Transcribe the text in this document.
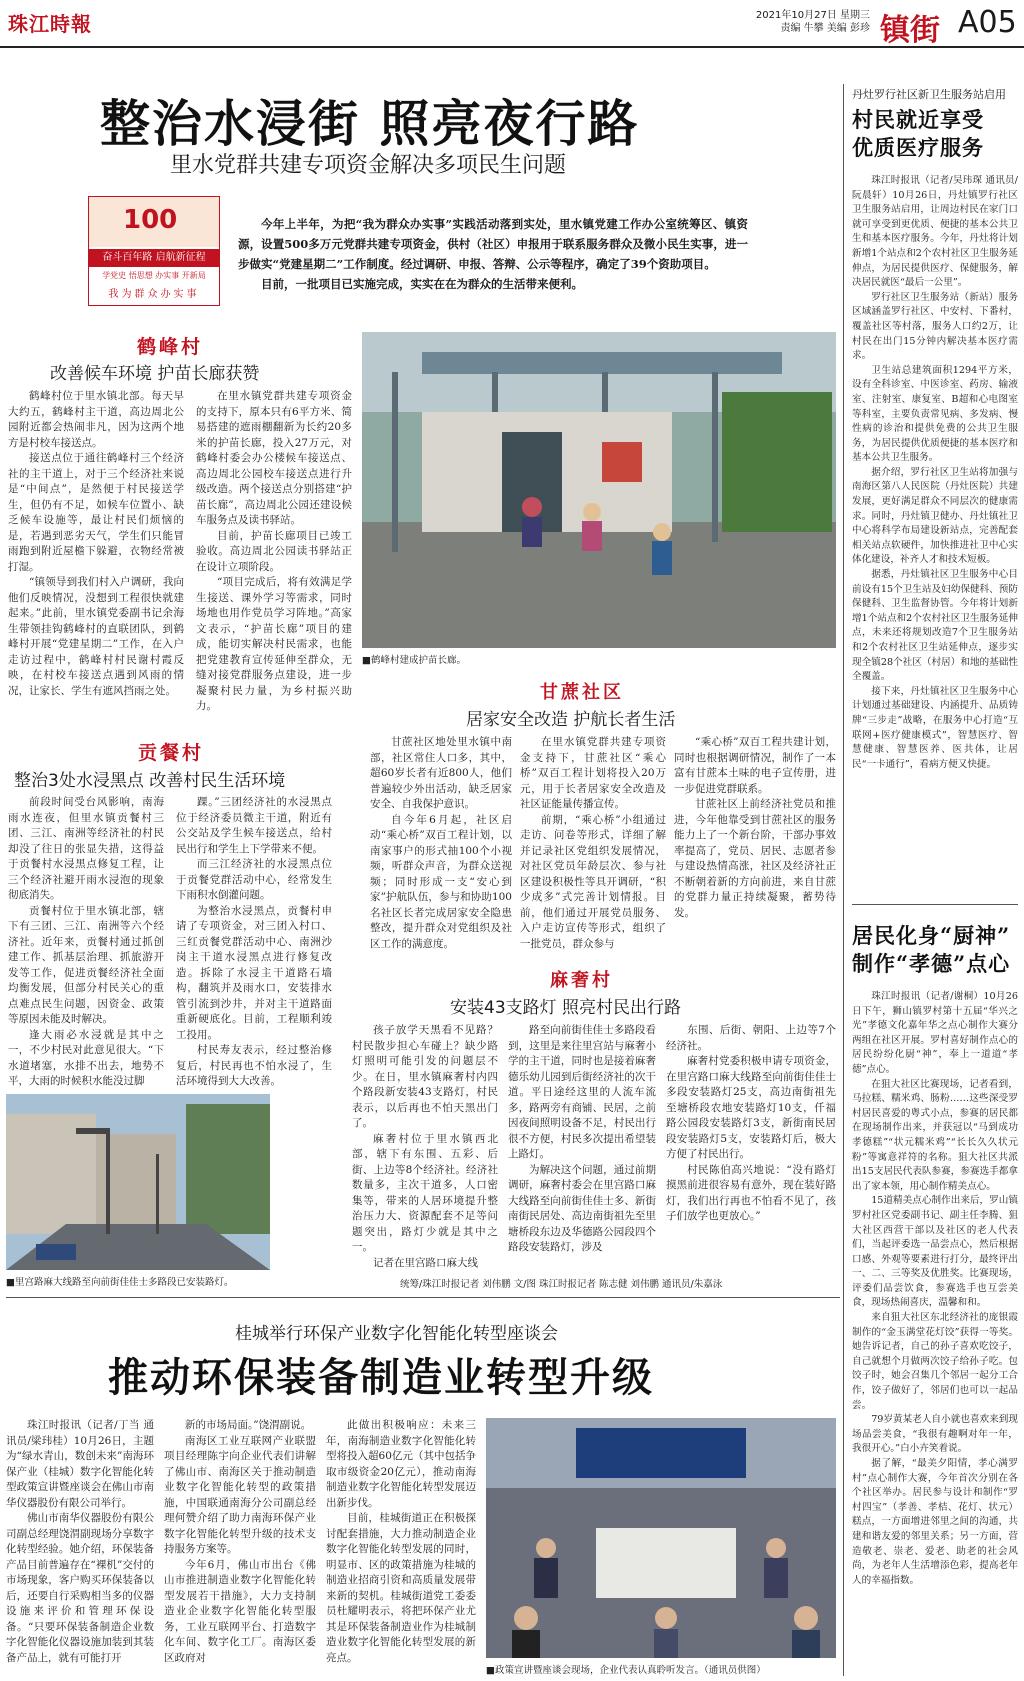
珠江時報	2021年10月27日 星期三
责编 牛攀 美编 彭珍 镇街 A05
整治水浸街 照亮夜行路
里水党群共建专项资金解决多项民生问题
100
奋斗百年路 启航新征程
学党史 悟思想 办实事 开新局
我为群众办实事

今年上半年，为把“我为群众办实事”实践活动落到实处，里水镇党建工作办公室统筹区、镇资源，设置500多万元党群共建专项资金，供村（社区）申报用于联系服务群众及微小民生实事，进一步做实“党建星期二”工作制度。经过调研、申报、答辩、公示等程序，确定了39个资助项目。

目前，一批项目已实施完成，实实在在为群众的生活带来便利。

鹤峰村
改善候车环境 护苗长廊获赞

鹤峰村位于里水镇北部。每天早大约五，鹤峰村主干道，高边周北公园附近都会热闹非凡，因为这两个地方是村校车接送点。

接送点位于通往鹤峰村三个经济社的主干道上，对于三个经济社来说是“中间点”，是然便于村民接送学生，但仍有不足，如候车位置小、缺乏候车设施等，最让村民们烦恼的是，若遇到恶劣天气，学生们只能冒雨跑到附近屋檐下躲避，衣物经常被打湿。

“镇领导到我们村入户调研，我向他们反映情况，没想到工程很快就建起来。”此前，里水镇党委副书记余海生带领挂钩鹤峰村的直联团队，到鹤峰村开展“党建星期二”工作，在入户走访过程中，鹤峰村村民谢村霞反映，在村校车接送点遇到风雨的情况，让家长、学生有遮风挡雨之处。

在里水镇党群共建专项资金的支持下，原本只有6平方米、简易搭建的遮雨棚翻新为长约20多米的护苗长廊，投入27万元，对鹤峰村委会办公楼候车接送点、高边周北公园校车接送点进行升级改造。两个接送点分别搭建“护苗长廊”，高边周北公园还建设候车服务点及读书驿站。

目前，护苗长廊项目已竣工验收。高边周北公园读书驿站正在设计立项阶段。

“项目完成后，将有效满足学生接送、课外学习等需求，同时场地也用作党员学习阵地。”高家文表示，“护苗长廊”项目的建成，能切实解决村民需求，也能把党建教育宣传延伸至群众，无缝对接党群服务点建设，进一步凝聚村民力量，为乡村振兴助力。

■鹤峰村建成护苗长廊。
贡餐村
整治3处水浸黑点 改善村民生活环境

前段时间受台风影响，南海雨水连夜，但里水镇贡餐村三团、三江、南洲等经济社的村民却没了往日的张显失措，这得益于贡餐村水浸黑点修复工程，让三个经济社避开雨水浸泡的现象彻底消失。

贡餐村位于里水镇北部，辖下有三团、三江、南洲等六个经济社。近年来，贡餐村通过抓创建工作、抓基层治理、抓旅游开发等工作，促进贡餐经济社全面均衡发展，但部分村民关心的重点难点民生问题，因资金、政策等原因未能及时解决。

逢大雨必水浸就是其中之一，不少村民对此意见很大。“下水道堵塞，水排不出去，地势不平，大雨的时候积水能没过脚

踝。”三团经济社的水浸黑点位于经济委员微主干道，附近有公交站及学生候车接送点，给村民出行和学生上下学带来不便。

而三江经济社的水浸黑点位于贡餐党群活动中心，经常发生下雨积水倒灌问题。

为整治水浸黑点，贡餐村申请了专项资金，对三团入村口、三红贡餐党群活动中心、南洲沙岗主干道水浸黑点进行修复改造。拆除了水浸主干道路石墙构，翻筑并及雨水口，安装排水管引流到沙井，并对主干道路面重新硬底化。目前，工程顺利竣工投用。

村民寿友表示，经过整治修复后，村民再也不怕水浸了，生活环境得到大大改善。

■里宫路麻大线路至向前街佳佳士多路段已安装路灯。
甘蔗社区
居家安全改造 护航长者生活

甘蔗社区地处里水镇中南部，社区常住人口多，其中，超60岁长者有近800人，他们普遍较少外出活动，缺乏居家安全、自我保护意识。

自今年6月起，社区启动“乘心桥”双百工程计划，以南家事户的形式抽100个小视频，听群众声音，为群众送视频；同时形成一支“安心到家”护航队伍，参与和协助100名社区长者完成居家安全隐患整改，提升群众对党组织及社区工作的满意度。

在里水镇党群共建专项资金支持下，甘蔗社区“乘心桥”双百工程计划将投入20万元，用于长者居家安全改造及社区证能量传播宣传。

前期，“乘心桥”小组通过走访、问卷等形式，详细了解并记录社区党组织发展情况，对社区党员年龄层次、参与社区建设积极性等具开调研，“积少成多”式完善计划情报。目前，他们通过开展党员服务、入户走访宣传等形式，组织了一批党员，群众参与

“乘心桥”双百工程共建计划，同时也根据调研情况，制作了一本富有甘蔗本土味的电子宣传册，进一步促进党群联系。

甘蔗社区上前经济社党员和推进，今年他靠受到甘蔗社区的服务能力上了一个新台阶，干部办事效率提高了，党员、居民、志愿者参与建设热情高涨，社区及经济社正不断朝着新的方向前进，来自甘蔗的党群力量正持续凝聚，蓄势待发。

麻奢村
安装43支路灯 照亮村民出行路

孩子放学天黑看不见路？村民散步担心车碰上？缺少路灯照明可能引发的问题层不少。在日，里水镇麻奢村内四个路段新安装43支路灯，村民表示，以后再也不怕天黑出门了。

麻奢村位于里水镇西北部，辖下有东围、五彩、后街、上边等8个经济社。经济社数量多，主次干道多，人口密集等，带来的人居环境提升整治压力大、资源配套不足等问题突出，路灯少就是其中之一。

记者在里宫路口麻大线

路至向前街佳佳士多路段看到，这里是来往里宫站与麻奢小学的主干道，同时也是接着麻奢德乐幼儿园到后街经济社的次干道。平日途经这里的人流车流多，路两旁有商铺、民居，之前因夜间照明设备不足，村民出行很不方便，村民多次提出希望装上路灯。

为解决这个问题，通过前期调研，麻奢村委会在里宫路口麻大线路至向前街佳佳士多、新街南街民居处、高边南街祖先至里塘桥段东边及华德路公园段四个路段安装路灯，涉及

东围、后街、朝阳、上边等7个经济社。

麻奢村党委积极申请专项资金，在里宫路口麻大线路至向前街佳佳士多段安装路灯25支，高边南街祖先至塘桥段农地安装路灯10支，仟福路公园段安装路灯3支，新街南民居段安装路灯5支，安装路灯后，极大方便了村民出行。

村民陈伯高兴地说：“没有路灯摸黑前进很容易有意外，现在装好路灯，我们出行再也不怕看不见了，孩子们放学也更放心。”

统筹/珠江时报记者 刘伟鹏 文/图 珠江时报记者 陈志健 刘伟鹏 通讯员/朱嘉泳
桂城举行环保产业数字化智能化转型座谈会
推动环保装备制造业转型升级

珠江时报讯（记者/丁当 通讯员/梁玮桂）10月26日，主题为“绿水青山，数创未来”南海环保产业（桂城）数字化智能化转型政策宣讲暨座谈会在佛山市南华仪器股份有限公司举行。

佛山市南华仪器股份有限公司副总经理饶渭副现场分享数字化转型经验。她介绍，环保装备产品目前普遍存在“裸机”交付的市场现象，客户购买环保装备以后，还要自行采购相当多的仪器设施来评价和管理环保设备。“只要环保装备制造企业数字化智能化仪器设施加装到其装备产品上，就有可能打开

新的市场局面。”饶渭副说。

南海区工业互联网产业联盟项目经理陈宇向企业代表们讲解了佛山市、南海区关于推动制造业数字化智能化转型的政策措施，中国联通南海分公司副总经理何赞介绍了助力南海环保产业数字化智能化转型升级的技术支持服务方案等。

今年6月，佛山市出台《佛山市推进制造业数字化智能化转型发展若干措施》，大力支持制造业企业数字化智能化转型服务，工业互联网平台、打造数字化车间、数字化工厂。南海区委区政府对

此做出积极响应：未来三年，南海制造业数字化智能化转型将投入超60亿元（其中包括争取市级资金20亿元），推动南海制造业数字化智能化转型发展迈出新步伐。

目前，桂城街道正在积极探讨配套措施，大力推动制造企业数字化智能化转型发展的同时，明显市、区的政策措施为桂城的制造业招商引资和高质量发展带来新的契机。桂城街道党工委委员杜耀明表示，将把环保产业尤其是环保装备制造业作为桂城制造业数字化智能化转型发展的新亮点。

■政策宣讲暨座谈会现场，企业代表认真聆听发言。（通讯员供图）
丹灶罗行社区新卫生服务站启用
村民就近享受
优质医疗服务

珠江时报讯（记者/吴玮琛 通讯员/阮晨轩）10月26日，丹灶镇罗行社区卫生服务站启用，让周边村民在家门口就可享受到更优质、便捷的基本公共卫生和基本医疗服务。今年，丹灶将计划新增1个站点和2个农村社区卫生服务延伸点，为居民提供医疗、保健服务，解决居民就医“最后一公里”。

罗行社区卫生服务站（新站）服务区域涵盖罗行社区、中安村、下番村，覆盖社区等村落，服务人口约2万，让村民在出门15分钟内解决基本医疗需求。

卫生站总建筑面积1294平方米，设有全科诊室、中医诊室、药房、输液室、注射室、康复室、B超和心电图室等科室，主要负责常见病、多发病、慢性病的诊治和提供免费的公共卫生服务，为居民提供优质便捷的基本医疗和基本公共卫生服务。

据介绍，罗行社区卫生站将加强与南海区第八人民医院（丹灶医院）共建发展，更好满足群众不同层次的健康需求。同时，丹灶镇卫健办、丹灶镇社卫中心将科学布局建设新站点，完善配套相关站点软硬件，加快推进社卫中心实体化建设，补齐人才和技术短板。

据悉，丹灶镇社区卫生服务中心目前设有15个卫生站及妇幼保健科、预防保健科、卫生监督协管。今年将计划新增1个站点和2个农村社区卫生服务延伸点，未来还将规划改造7个卫生服务站和2个农村社区卫生站延伸点，逐步实现全镇28个社区（村居）和地的基础性全覆盖。

接下来，丹灶镇社区卫生服务中心计划通过基础建设、内涵提升、品质铸牌“三步走”战略，在服务中心打造“互联网+医疗健康模式”，智慧医疗、智慧健康、智慧医养、医共体，让居民“一卡通行”，看病方便又快捷。

居民化身“厨神”
制作“孝德”点心

珠江时报讯（记者/谢桐）10月26日下午，狮山镇罗村第十五届“华兴之光”孝德文化嘉年华之点心制作大赛分两组在社区开展。罗村喜好制作点心的居民纷纷化厨“神”，奉上一道道“孝德”点心。

在狙大社区比赛现场，记者看到，马拉糕、糯米鸡、肠粉……这些深受罗村居民喜爱的粤式小点，参赛的居民都在现场制作出来，并获冠以“马到成功孝德糕”“状元糯米鸡”“长长久久状元粉”等寓意祥符的名称。狙大社区共派出15支居民代表队参赛，参赛选手都拿出了家本领，用心制作精美点心。

15道精美点心制作出来后，罗山镇罗村社区党委副书记、副主任李腾、狙大社区西营干部以及社区的老人代表们，当起评委选一品尝点心，然后根据口感、外观等要素进行打分，最终评出一、二、三等奖及优胜奖。比赛现场，评委们品尝饮食，参赛选手也互尝美食，现场热闹喜庆，温馨和和。

来自狙大社区东北经济社的庞银霞制作的“金玉满堂花灯饺”获得一等奖。她告诉记者，自己的孙子喜欢吃饺子，自己就想个月做两次饺子给孙子吃。包饺子时，她会召集几个邻居一起分工合作，饺子做好了，邻居们也可以一起品尝。

79岁黄某老人自小就也喜欢来到现场品尝美食，“我很有趣啊对年一年，我很开心。”白小卉笑着说。

据了解，“最美夕阳情，孝心满罗村”点心制作大赛，今年首次分别在各个社区举办。居民参与设计和制作“罗村四宝”（孝善、孝桔、花灯、状元）糕点，一方面增进邻里之间的沟通，共建和谐友爱的邻里关系；另一方面，营造敬老、崇老、爱老、助老的社会风尚，为老年人生活增添色彩，提高老年人的幸福指数。
